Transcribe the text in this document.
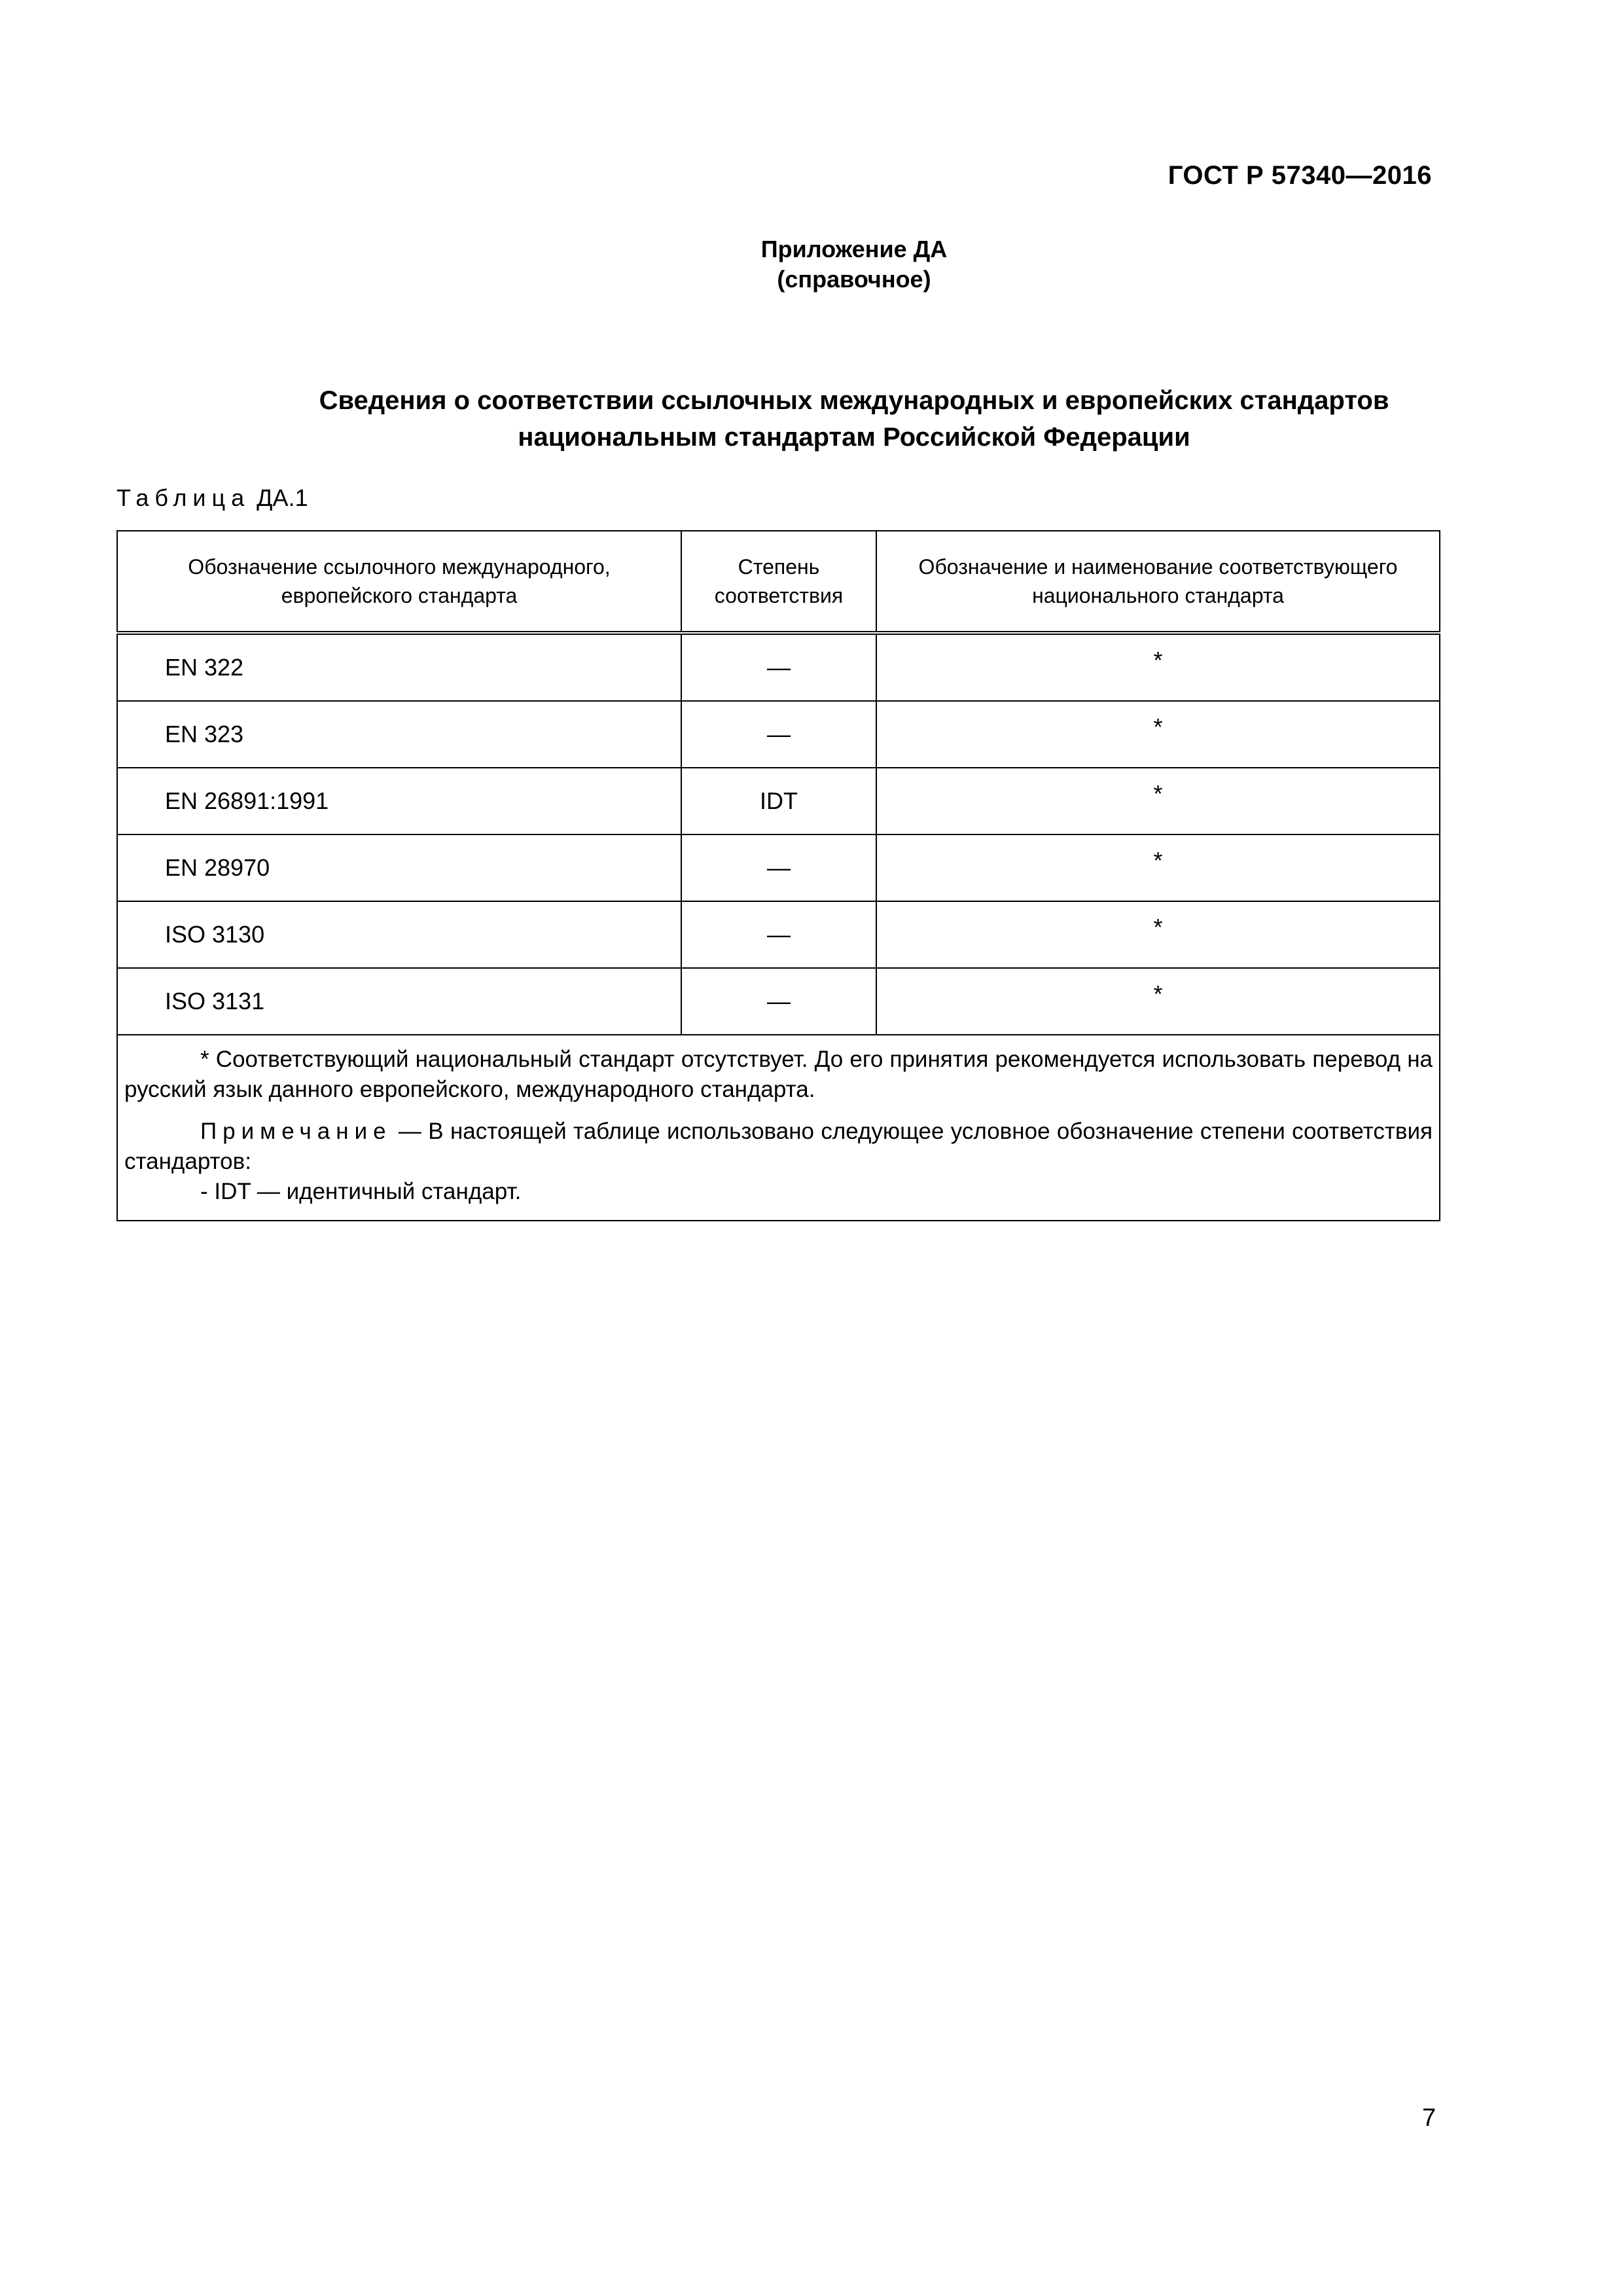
ГОСТ Р 57340—2016
Приложение ДА
(справочное)
Сведения о соответствии ссылочных международных и европейских стандартов
национальным стандартам Российской Федерации
Таблица ДА.1
Обозначение ссылочного международного, европейского стандарта	Степень соответствия	Обозначение и наименование соответствующего национального стандарта
EN 322	—	*
EN 323	—	*
EN 26891:1991	IDT	*
EN 28970	—	*
ISO 3130	—	*
ISO 3131	—	*

* Соответствующий национальный стандарт отсутствует. До его принятия рекомендуется использовать перевод на русский язык данного европейского, международного стандарта.

Примечание — В настоящей таблице использовано следующее условное обозначение степени соответствия стандартов:

- IDT — идентичный стандарт.		

7
